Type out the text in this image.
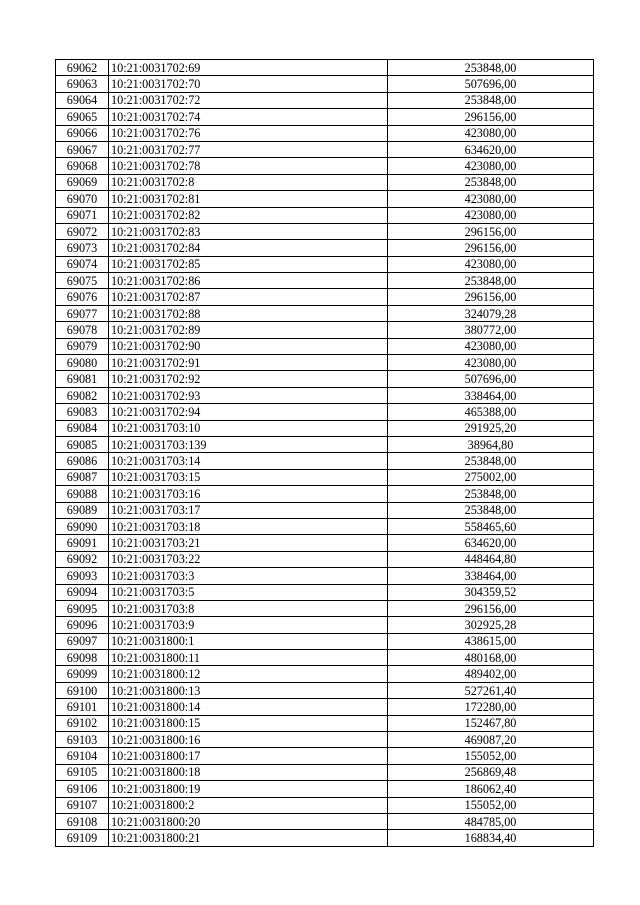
69062	10:21:0031702:69	253848,00
69063	10:21:0031702:70	507696,00
69064	10:21:0031702:72	253848,00
69065	10:21:0031702:74	296156,00
69066	10:21:0031702:76	423080,00
69067	10:21:0031702:77	634620,00
69068	10:21:0031702:78	423080,00
69069	10:21:0031702:8	253848,00
69070	10:21:0031702:81	423080,00
69071	10:21:0031702:82	423080,00
69072	10:21:0031702:83	296156,00
69073	10:21:0031702:84	296156,00
69074	10:21:0031702:85	423080,00
69075	10:21:0031702:86	253848,00
69076	10:21:0031702:87	296156,00
69077	10:21:0031702:88	324079,28
69078	10:21:0031702:89	380772,00
69079	10:21:0031702:90	423080,00
69080	10:21:0031702:91	423080,00
69081	10:21:0031702:92	507696,00
69082	10:21:0031702:93	338464,00
69083	10:21:0031702:94	465388,00
69084	10:21:0031703:10	291925,20
69085	10:21:0031703:139	38964,80
69086	10:21:0031703:14	253848,00
69087	10:21:0031703:15	275002,00
69088	10:21:0031703:16	253848,00
69089	10:21:0031703:17	253848,00
69090	10:21:0031703:18	558465,60
69091	10:21:0031703:21	634620,00
69092	10:21:0031703:22	448464,80
69093	10:21:0031703:3	338464,00
69094	10:21:0031703:5	304359,52
69095	10:21:0031703:8	296156,00
69096	10:21:0031703:9	302925,28
69097	10:21:0031800:1	438615,00
69098	10:21:0031800:11	480168,00
69099	10:21:0031800:12	489402,00
69100	10:21:0031800:13	527261,40
69101	10:21:0031800:14	172280,00
69102	10:21:0031800:15	152467,80
69103	10:21:0031800:16	469087,20
69104	10:21:0031800:17	155052,00
69105	10:21:0031800:18	256869,48
69106	10:21:0031800:19	186062,40
69107	10:21:0031800:2	155052,00
69108	10:21:0031800:20	484785,00
69109	10:21:0031800:21	168834,40
